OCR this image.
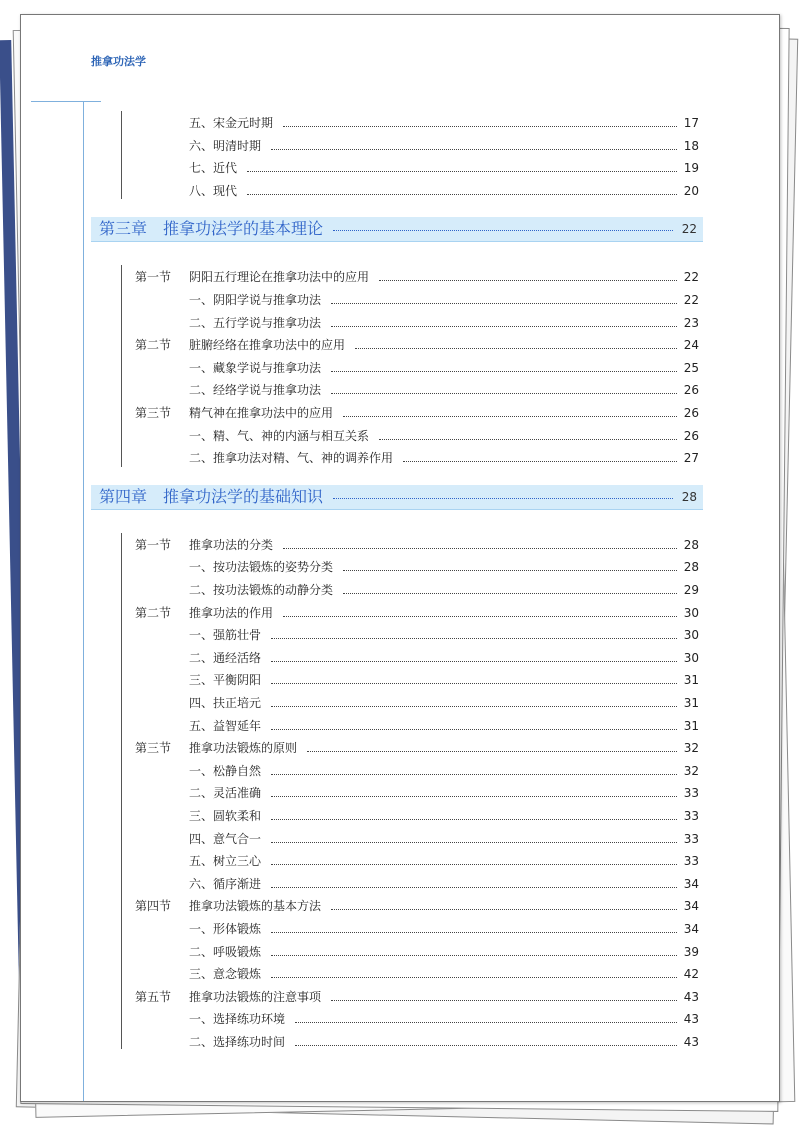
推拿功法学
五、宋金元时期	17
六、明清时期	18
七、近代	19
八、现代	20
第三章　推拿功法学的基本理论	22
第一节 阴阳五行理论在推拿功法中的应用	22
一、阴阳学说与推拿功法	22
二、五行学说与推拿功法	23
第二节 脏腑经络在推拿功法中的应用	24
一、藏象学说与推拿功法	25
二、经络学说与推拿功法	26
第三节 精气神在推拿功法中的应用	26
一、精、气、神的内涵与相互关系	26
二、推拿功法对精、气、神的调养作用	27
第四章　推拿功法学的基础知识	28
第一节 推拿功法的分类	28
一、按功法锻炼的姿势分类	28
二、按功法锻炼的动静分类	29
第二节 推拿功法的作用	30
一、强筋壮骨	30
二、通经活络	30
三、平衡阴阳	31
四、扶正培元	31
五、益智延年	31
第三节 推拿功法锻炼的原则	32
一、松静自然	32
二、灵活准确	33
三、圆软柔和	33
四、意气合一	33
五、树立三心	33
六、循序渐进	34
第四节 推拿功法锻炼的基本方法	34
一、形体锻炼	34
二、呼吸锻炼	39
三、意念锻炼	42
第五节 推拿功法锻炼的注意事项	43
一、选择练功环境	43
二、选择练功时间	43
